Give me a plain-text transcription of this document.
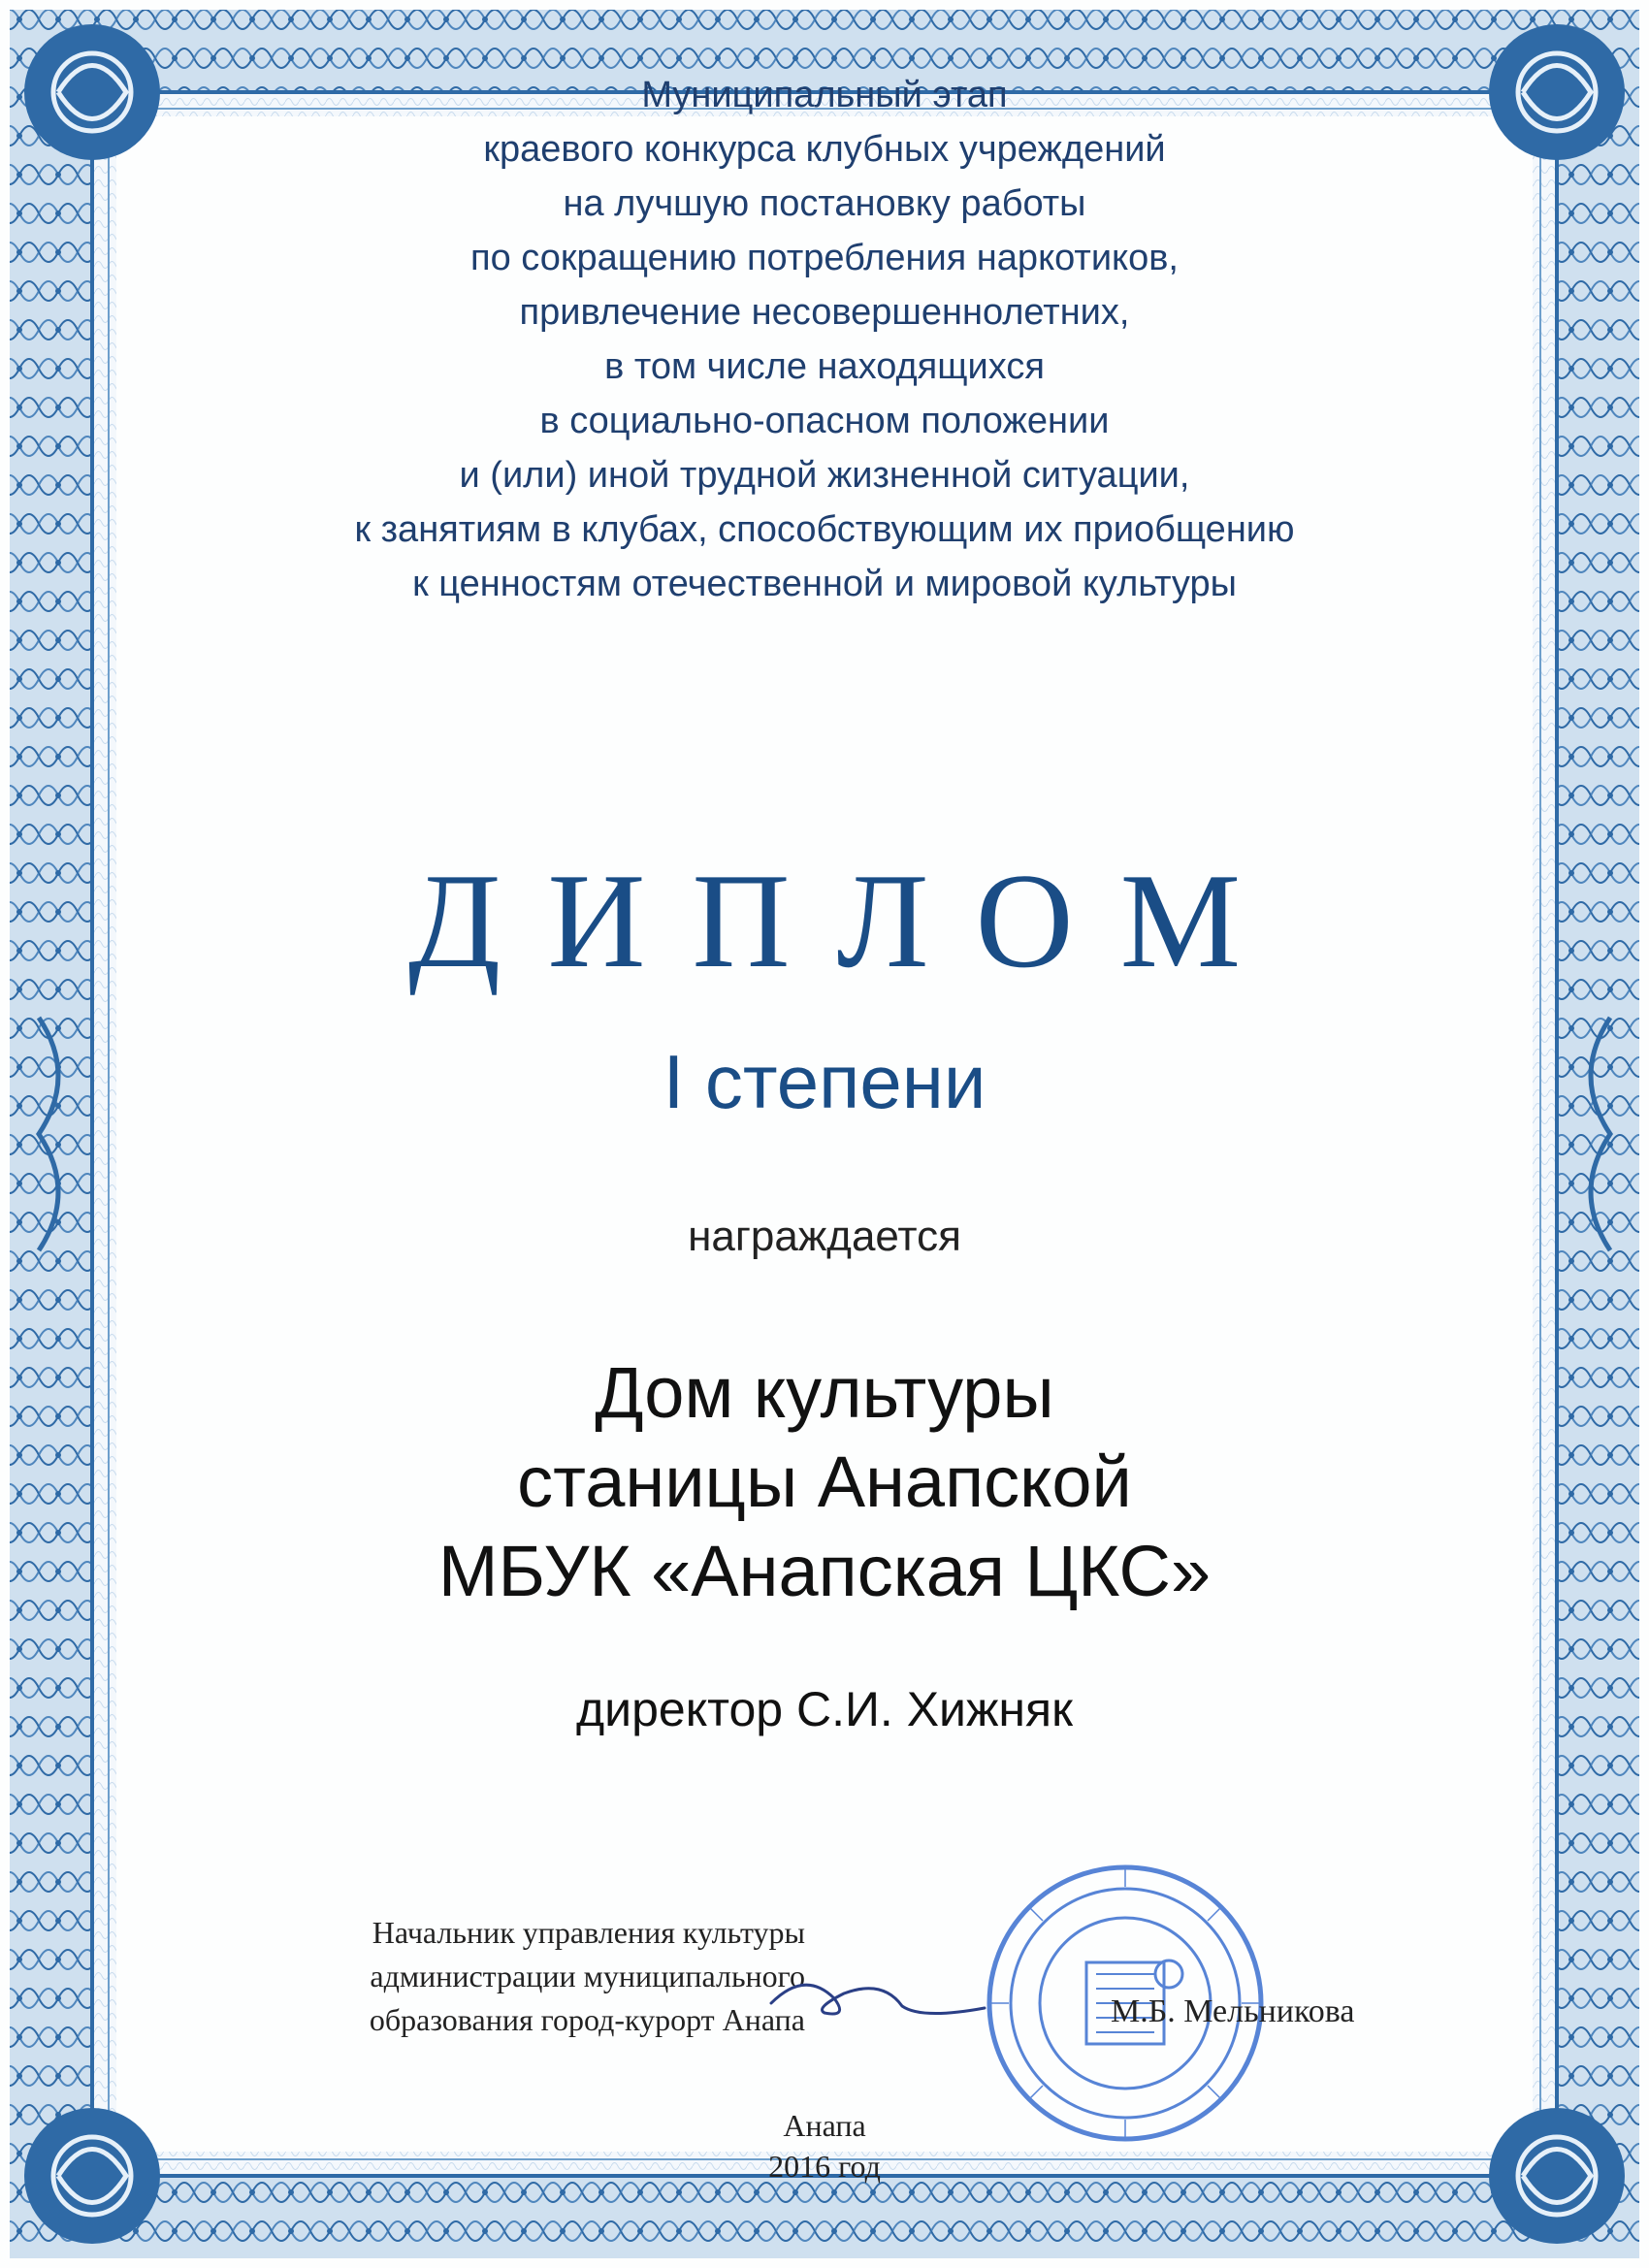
Муниципальный этап
краевого конкурса клубных учреждений
на лучшую постановку работы
по сокращению потребления наркотиков,
привлечение несовершеннолетних,
в том числе находящихся
в социально-опасном положении
и (или) иной трудной жизненной ситуации,
к занятиям в клубах, способствующим их приобщению
к ценностям отечественной и мировой культуры
ДИПЛОМ
I степени
награждается
Дом культуры
станицы Анапской
МБУК «Анапская ЦКС»
директор С.И. Хижняк
Начальник управления культуры
администрации муниципального
образования город-курорт Анапа	М.Б. Мельникова
Анапа
2016 год
